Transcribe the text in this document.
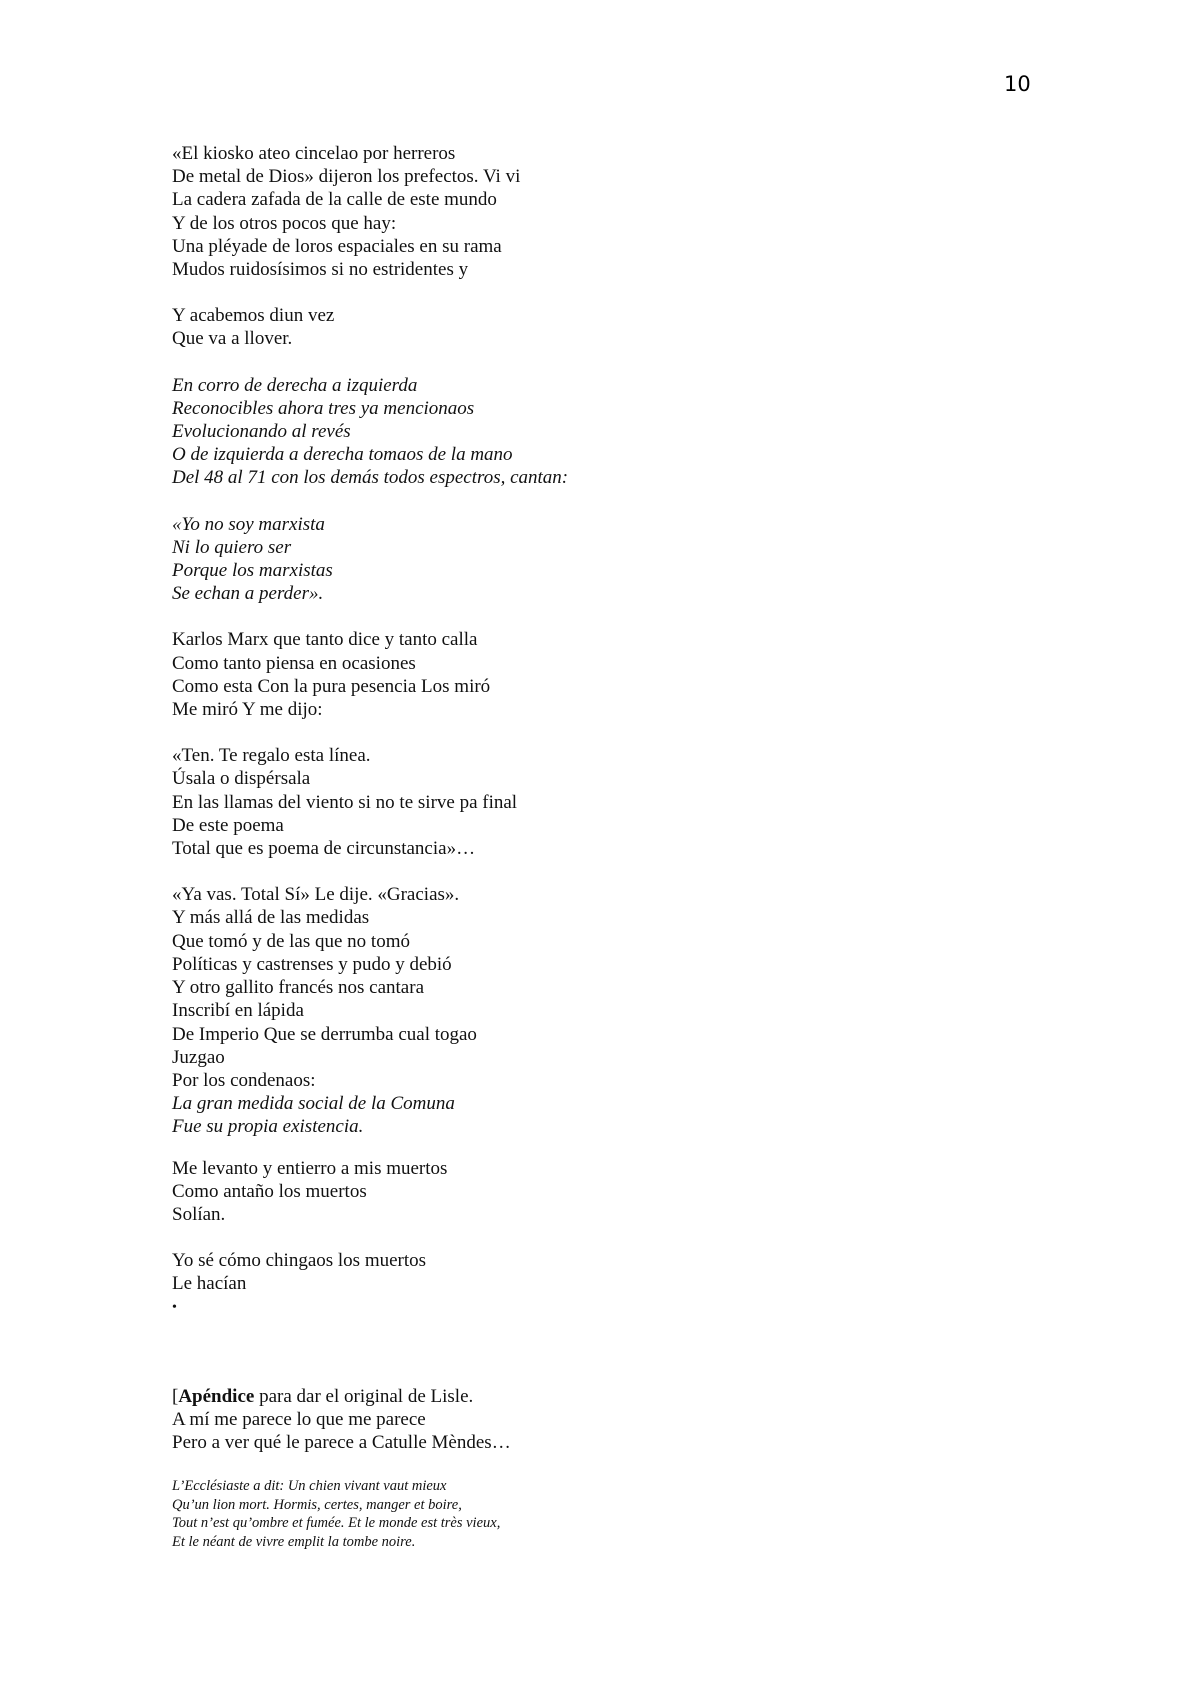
10
«El kiosko ateo cincelao por herreros
De metal de Dios» dijeron los prefectos. Vi vi
La cadera zafada de la calle de este mundo
Y de los otros pocos que hay:
Una pléyade de loros espaciales en su rama
Mudos ruidosísimos si no estridentes y
Y acabemos diun vez
Que va a llover.
En corro de derecha a izquierda
Reconocibles ahora tres ya mencionaos
Evolucionando al revés
O de izquierda a derecha tomaos de la mano
Del 48 al 71 con los demás todos espectros, cantan:
«Yo no soy marxista
Ni lo quiero ser
Porque los marxistas
Se echan a perder».
Karlos Marx que tanto dice y tanto calla
Como tanto piensa en ocasiones
Como esta Con la pura pesencia Los miró
Me miró Y me dijo:
«Ten. Te regalo esta línea.
Úsala o dispérsala
En las llamas del viento si no te sirve pa final
De este poema
Total que es poema de circunstancia»…
«Ya vas. Total Sí» Le dije. «Gracias».
Y más allá de las medidas
Que tomó y de las que no tomó
Políticas y castrenses y pudo y debió
Y otro gallito francés nos cantara
Inscribí en lápida
De Imperio Que se derrumba cual togao
Juzgao
Por los condenaos:
La gran medida social de la Comuna
Fue su propia existencia.
Me levanto y entierro a mis muertos
Como antaño los muertos
Solían.
Yo sé cómo chingaos los muertos
Le hacían
•
[Apéndice para dar el original de Lisle.
A mí me parece lo que me parece
Pero a ver qué le parece a Catulle Mèndes…
L’Ecclésiaste a dit: Un chien vivant vaut mieux
Qu’un lion mort. Hormis, certes, manger et boire,
Tout n’est qu’ombre et fumée. Et le monde est très vieux,
Et le néant de vivre emplit la tombe noire.
